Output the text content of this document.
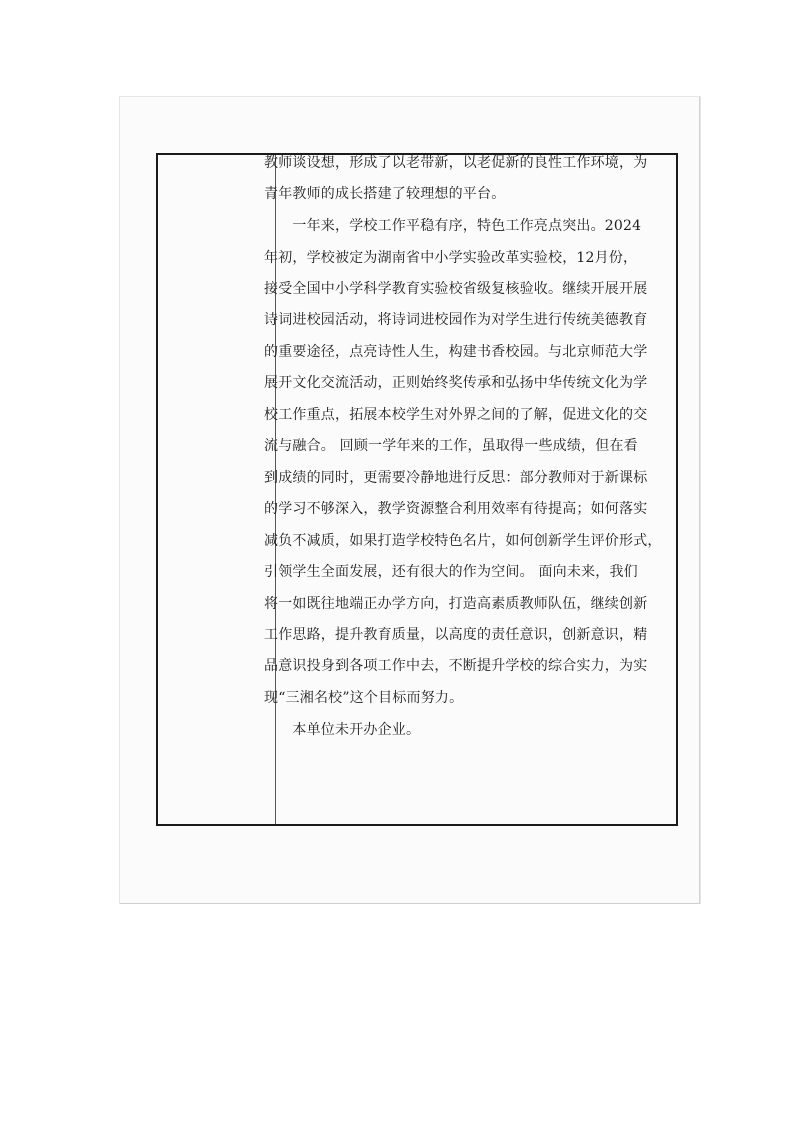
教师谈设想，形成了以老带新，以老促新的良性工作环境，为
青年教师的成长搭建了较理想的平台。
　　一年来，学校工作平稳有序，特色工作亮点突出。2024
年初，学校被定为湖南省中小学实验改革实验校，12月份，
接受全国中小学科学教育实验校省级复核验收。继续开展开展
诗词进校园活动，将诗词进校园作为对学生进行传统美德教育
的重要途径，点亮诗性人生，构建书香校园。与北京师范大学
展开文化交流活动，正则始终奖传承和弘扬中华传统文化为学
校工作重点，拓展本校学生对外界之间的了解，促进文化的交
流与融合。 回顾一学年来的工作，虽取得一些成绩，但在看
到成绩的同时，更需要冷静地进行反思：部分教师对于新课标
的学习不够深入，教学资源整合利用效率有待提高；如何落实
减负不减质，如果打造学校特色名片，如何创新学生评价形式，
引领学生全面发展，还有很大的作为空间。 面向未来，我们
将一如既往地端正办学方向，打造高素质教师队伍，继续创新
工作思路，提升教育质量，以高度的责任意识，创新意识，精
品意识投身到各项工作中去，不断提升学校的综合实力，为实
现“三湘名校”这个目标而努力。
　　本单位未开办企业。
